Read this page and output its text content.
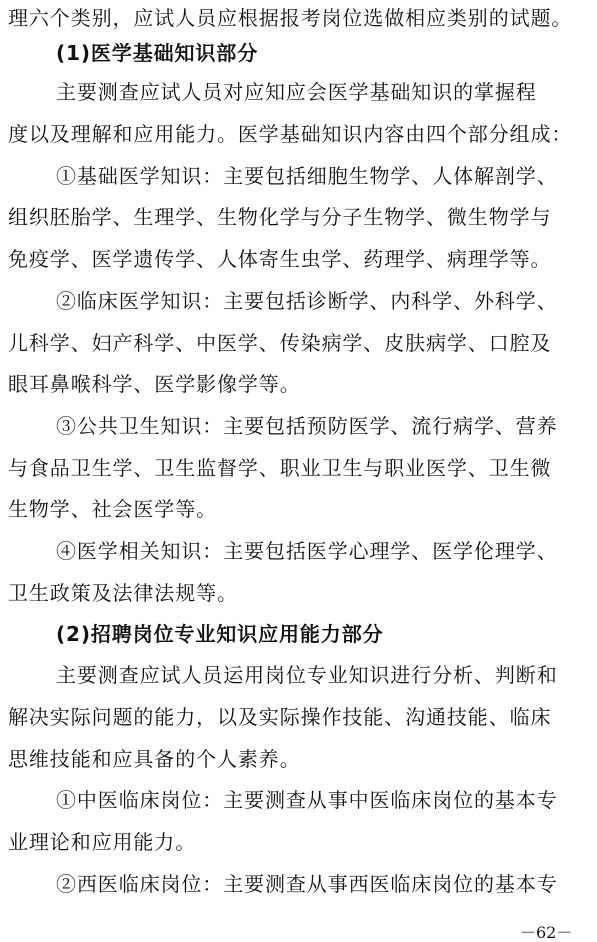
理六个类别，应试人员应根据报考岗位选做相应类别的试题。
(1)医学基础知识部分
主要测查应试人员对应知应会医学基础知识的掌握程
度以及理解和应用能力。医学基础知识内容由四个部分组成：
①基础医学知识：主要包括细胞生物学、人体解剖学、
组织胚胎学、生理学、生物化学与分子生物学、微生物学与
免疫学、医学遗传学、人体寄生虫学、药理学、病理学等。
②临床医学知识：主要包括诊断学、内科学、外科学、
儿科学、妇产科学、中医学、传染病学、皮肤病学、口腔及
眼耳鼻喉科学、医学影像学等。
③公共卫生知识：主要包括预防医学、流行病学、营养
与食品卫生学、卫生监督学、职业卫生与职业医学、卫生微
生物学、社会医学等。
④医学相关知识：主要包括医学心理学、医学伦理学、
卫生政策及法律法规等。
(2)招聘岗位专业知识应用能力部分
主要测查应试人员运用岗位专业知识进行分析、判断和
解决实际问题的能力，以及实际操作技能、沟通技能、临床
思维技能和应具备的个人素养。
①中医临床岗位：主要测查从事中医临床岗位的基本专
业理论和应用能力。
②西医临床岗位：主要测查从事西医临床岗位的基本专
－62－
